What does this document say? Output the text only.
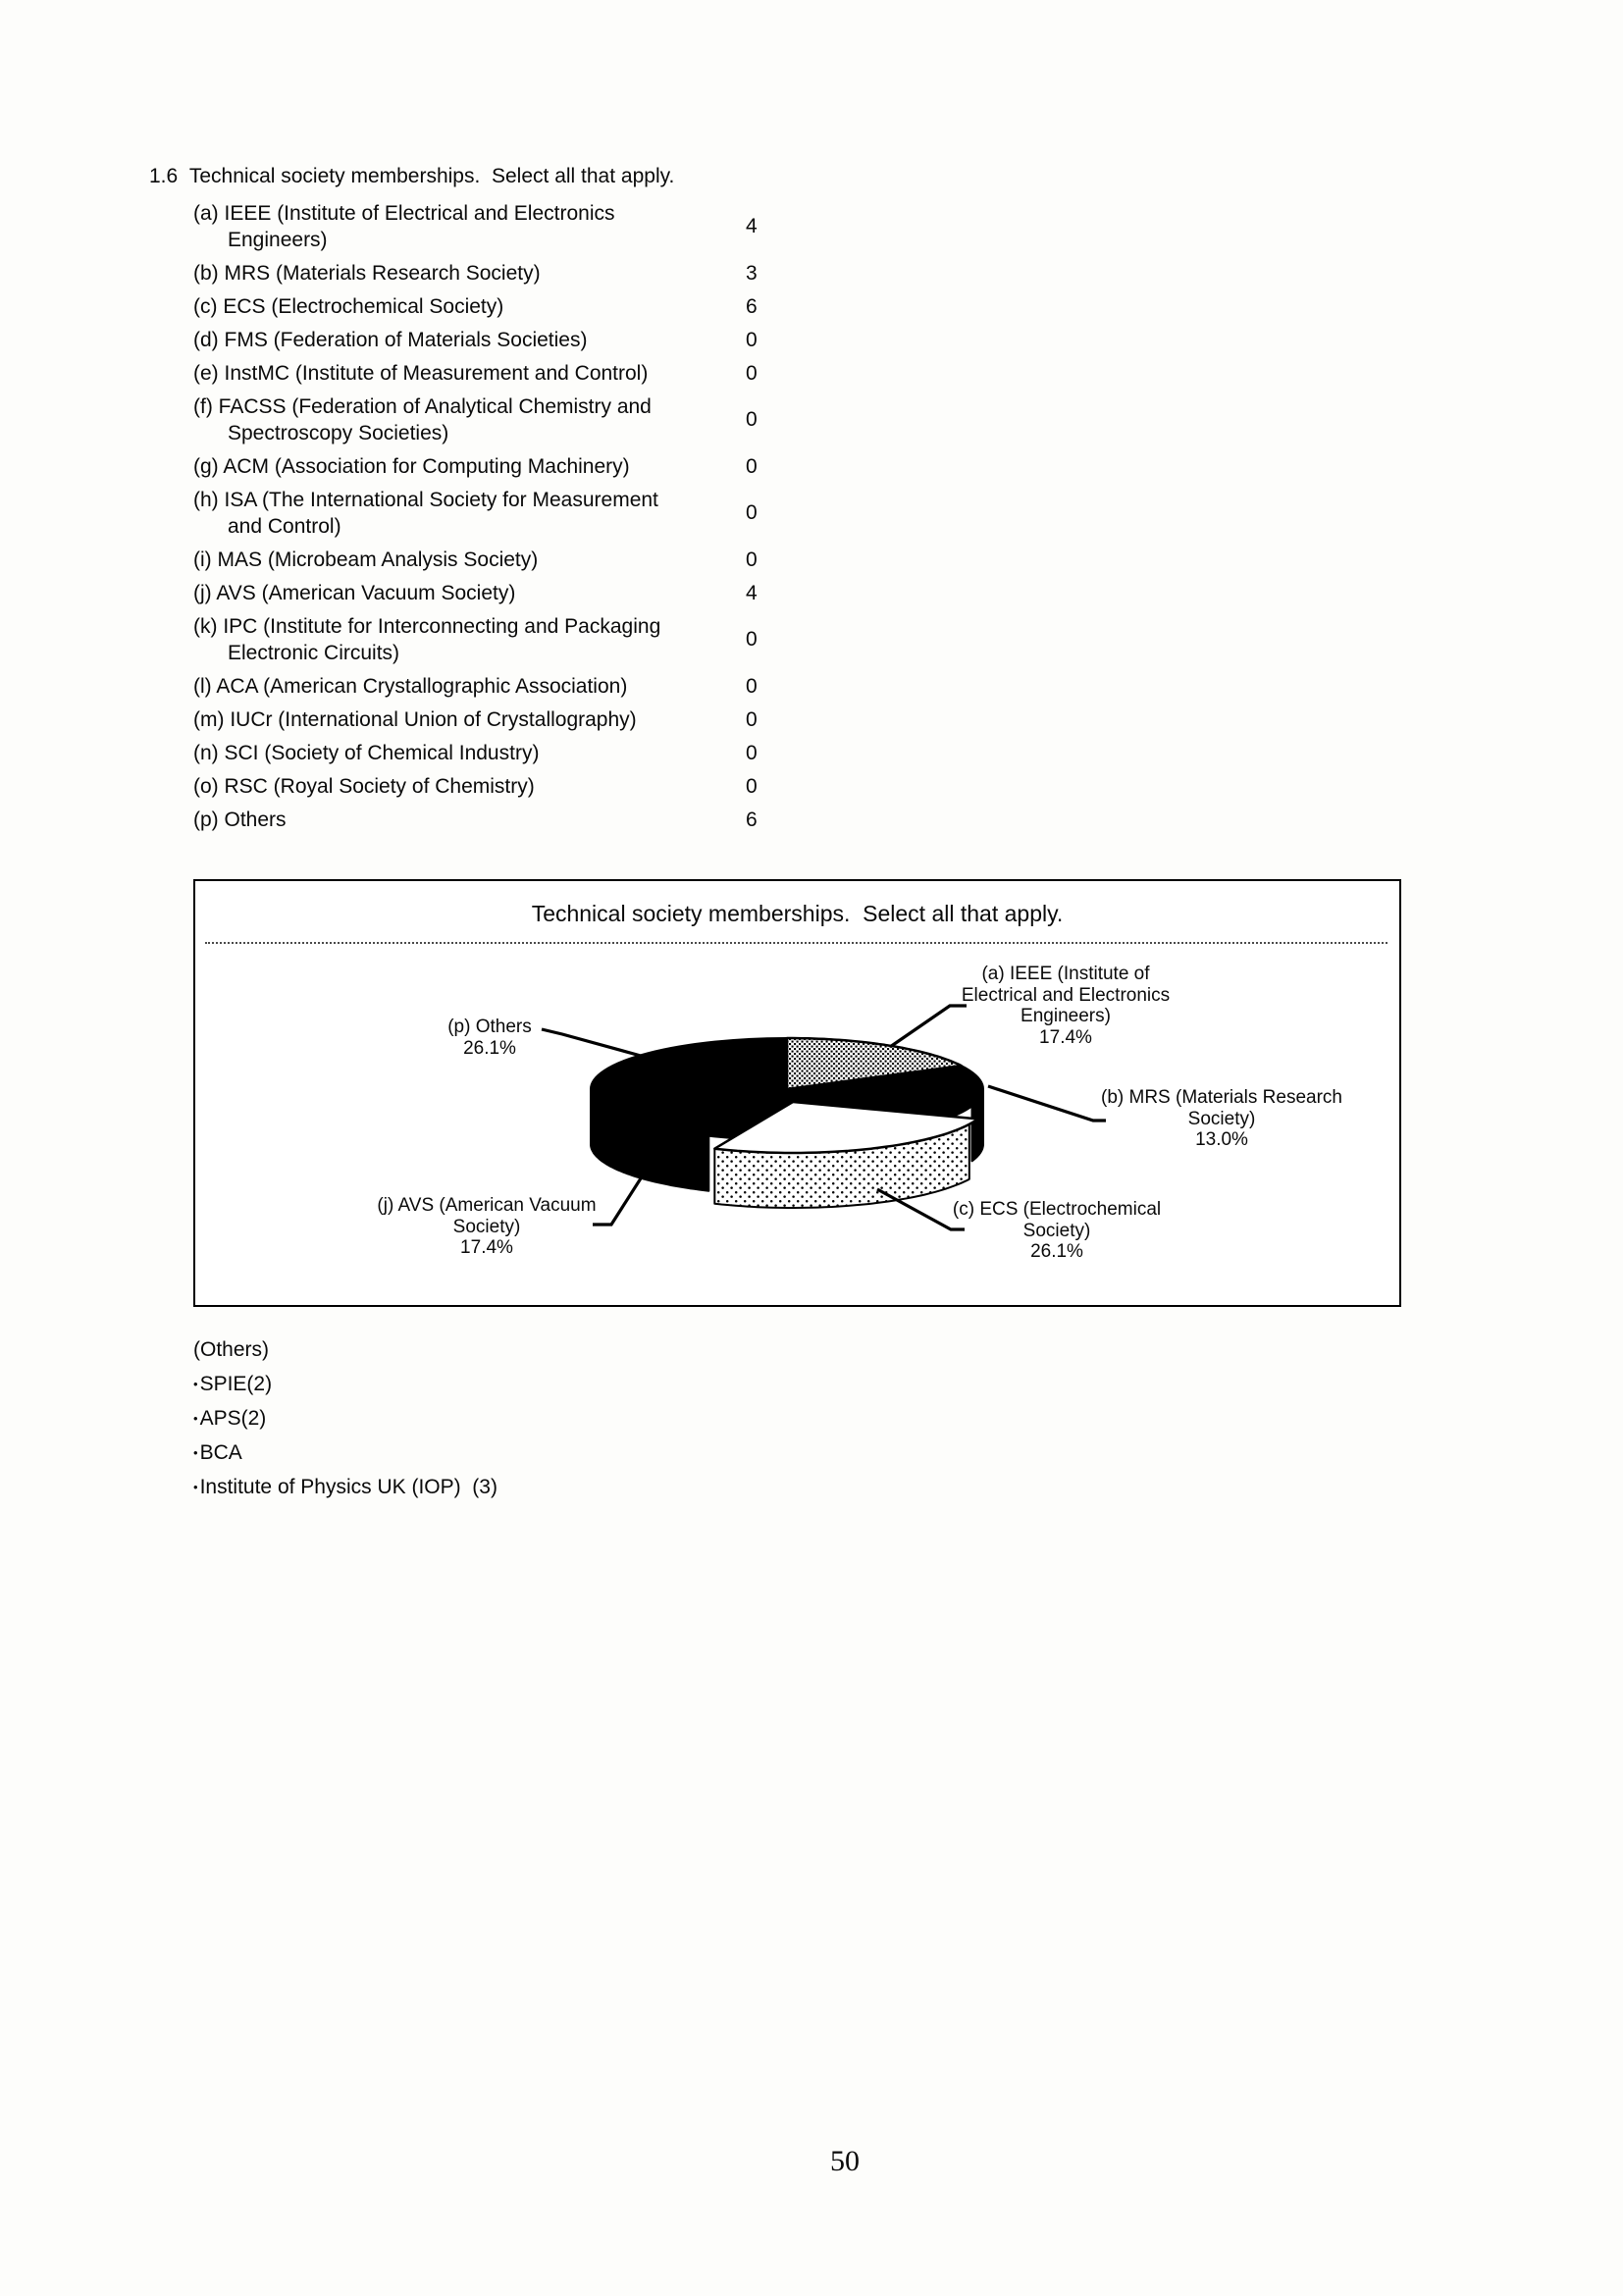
1.6 Technical society memberships.  Select all that apply.
(a) IEEE (Institute of Electrical and Electronics
Engineers)
4
(b) MRS (Materials Research Society)	3
(c) ECS (Electrochemical Society)	6
(d) FMS (Federation of Materials Societies)	0
(e) InstMC (Institute of Measurement and Control)	0
(f) FACSS (Federation of Analytical Chemistry and
Spectroscopy Societies)
0
(g) ACM (Association for Computing Machinery)	0
(h) ISA (The International Society for Measurement
and Control)
0
(i) MAS (Microbeam Analysis Society)	0
(j) AVS (American Vacuum Society)	4
(k) IPC (Institute for Interconnecting and Packaging
Electronic Circuits)
0
(l) ACA (American Crystallographic Association)	0
(m) IUCr (International Union of Crystallography)	0
(n) SCI (Society of Chemical Industry)	0
(o) RSC (Royal Society of Chemistry)	0
(p) Others	6
Technical society memberships.  Select all that apply.
(a) IEEE (Institute of
Electrical and Electronics
Engineers)
17.4%
(b) MRS (Materials Research
Society)
13.0%
(c) ECS (Electrochemical
Society)
26.1%
(j) AVS (American Vacuum
Society)
17.4%
(p) Others
26.1%
(Others)
•SPIE(2)
•APS(2)
•BCA
•Institute of Physics UK (IOP)  (3)
50
